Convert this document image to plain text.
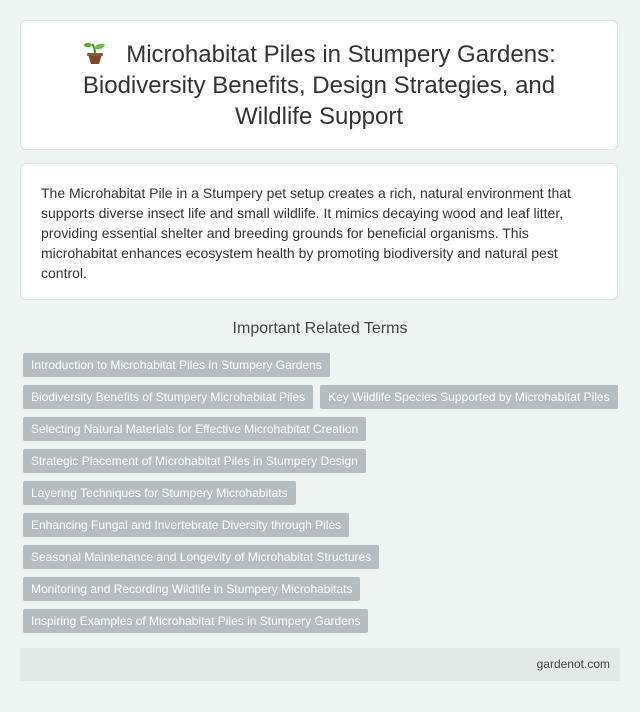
Microhabitat Piles in Stumpery Gardens: Biodiversity Benefits, Design Strategies, and Wildlife Support

The Microhabitat Pile in a Stumpery pet setup creates a rich, natural environment that supports diverse insect life and small wildlife. It mimics decaying wood and leaf litter, providing essential shelter and breeding grounds for beneficial organisms. This microhabitat enhances ecosystem health by promoting biodiversity and natural pest control.

Important Related Terms
Introduction to Microhabitat Piles in Stumpery Gardens
Biodiversity Benefits of Stumpery Microhabitat Piles	Key Wildlife Species Supported by Microhabitat Piles
Selecting Natural Materials for Effective Microhabitat Creation
Strategic Placement of Microhabitat Piles in Stumpery Design
Layering Techniques for Stumpery Microhabitats
Enhancing Fungal and Invertebrate Diversity through Piles
Seasonal Maintenance and Longevity of Microhabitat Structures
Monitoring and Recording Wildlife in Stumpery Microhabitats
Inspiring Examples of Microhabitat Piles in Stumpery Gardens
gardenot.com
